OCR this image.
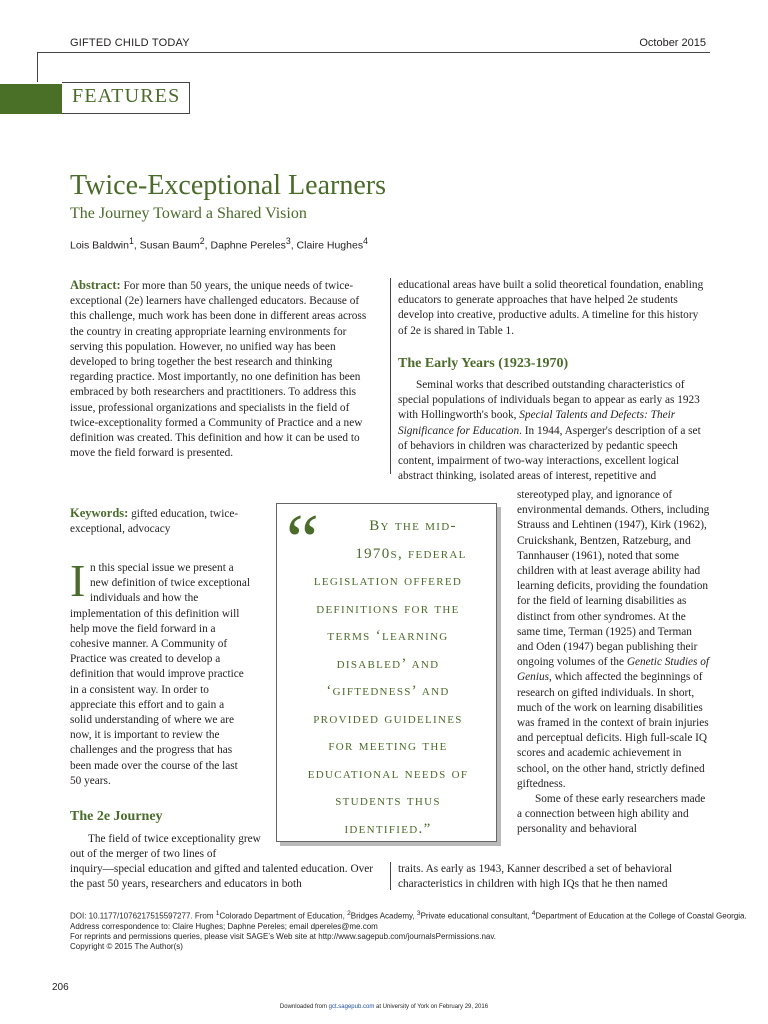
GIFTED CHILD TODAY	October 2015
FEATURES
Twice-Exceptional Learners
The Journey Toward a Shared Vision
Lois Baldwin$^1$, Susan Baum$^2$, Daphne Pereles$^3$, Claire Hughes$^4$
Abstract: For more than 50 years, the unique needs of twice-exceptional (2e) learners have challenged educators. Because of this challenge, much work has been done in different areas across the country in creating appropriate learning environments for serving this population. However, no unified way has been developed to bring together the best research and thinking regarding practice. Most importantly, no one definition has been embraced by both researchers and practitioners. To address this issue, professional organizations and specialists in the field of twice-exceptionality formed a Community of Practice and a new definition was created. This definition and how it can be used to move the field forward is presented.
Keywords: gifted education, twice-exceptional, advocacy
I n this special issue we present a
new definition of twice exceptional
individuals and how the
implementation of this definition will
help move the field forward in a
cohesive manner. A Community of
Practice was created to develop a
definition that would improve practice
in a consistent way. In order to
appreciate this effort and to gain a
solid understanding of where we are
now, it is important to review the
challenges and the progress that has
been made over the course of the last
50 years.
The 2e Journey
The field of twice exceptionality grew out of the merger of two lines of
inquiry—special education and gifted and talented education. Over the past 50 years, researchers and educators in both
educational areas have built a solid theoretical foundation, enabling educators to generate approaches that have helped 2e students develop into creative, productive adults. A timeline for this history of 2e is shared in Table 1.
The Early Years (1923-1970)
Seminal works that described outstanding characteristics of special populations of individuals began to appear as early as 1923 with Hollingworth's book, Special Talents and Defects: Their Significance for Education. In 1944, Asperger's description of a set of behaviors in children was characterized by pedantic speech content, impairment of two-way interactions, excellent logical abstract thinking, isolated areas of interest, repetitive and

stereotyped play, and ignorance of environmental demands. Others, including Strauss and Lehtinen (1947), Kirk (1962), Cruickshank, Bentzen, Ratzeburg, and Tannhauser (1961), noted that some children with at least average ability had learning deficits, providing the foundation for the field of learning disabilities as distinct from other syndromes. At the same time, Terman (1925) and Terman and Oden (1947) began publishing their ongoing volumes of the Genetic Studies of Genius, which affected the beginnings of research on gifted individuals. In short, much of the work on learning disabilities was framed in the context of brain injuries and perceptual deficits. High full-scale IQ scores and academic achievement in school, on the other hand, strictly defined giftedness.

Some of these early researchers made a connection between high ability and personality and behavioral

traits. As early as 1943, Kanner described a set of behavioral characteristics in children with high IQs that he then named
“	By the mid-
1970s, federal
legislation offered
definitions for the
terms ‘learning
disabled’ and
‘giftedness’ and
provided guidelines
for meeting the
educational needs of
students thus
identified.”
DOI: 10.1177/1076217515597277. From $^1$Colorado Department of Education, $^2$Bridges Academy, $^3$Private educational consultant, $^4$Department of Education at the College of Coastal Georgia.
Address correspondence to: Claire Hughes; Daphne Pereles; email dpereles@me.com
For reprints and permissions queries, please visit SAGE’s Web site at http://www.sagepub.com/journalsPermissions.nav.
Copyright © 2015 The Author(s)
206
Downloaded from gct.sagepub.com at University of York on February 29, 2016
